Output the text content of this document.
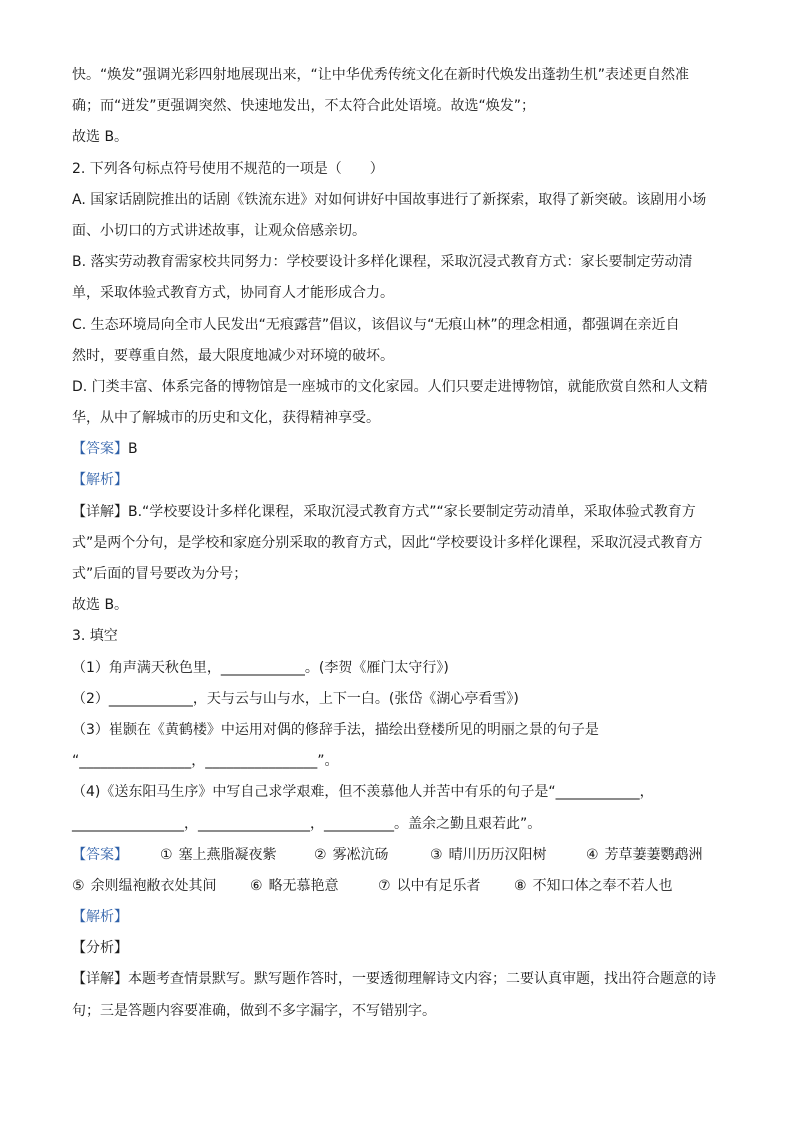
快。“焕发”强调光彩四射地展现出来，“让中华优秀传统文化在新时代焕发出蓬勃生机”表述更自然准
确；而“迸发”更强调突然、快速地发出，不太符合此处语境。故选“焕发”；
故选 B。
2. 下列各句标点符号使用不规范的一项是（　　）
A. 国家话剧院推出的话剧《铁流东进》对如何讲好中国故事进行了新探索，取得了新突破。该剧用小场
面、小切口的方式讲述故事，让观众倍感亲切。
B. 落实劳动教育需家校共同努力：学校要设计多样化课程，采取沉浸式教育方式：家长要制定劳动清
单，采取体验式教育方式，协同育人才能形成合力。
C. 生态环境局向全市人民发出“无痕露营”倡议，该倡议与“无痕山林”的理念相通，都强调在亲近自
然时，要尊重自然，最大限度地减少对环境的破坏。
D. 门类丰富、体系完备的博物馆是一座城市的文化家园。人们只要走进博物馆，就能欣赏自然和人文精
华，从中了解城市的历史和文化，获得精神享受。
【答案】B
【解析】
【详解】B.“学校要设计多样化课程，采取沉浸式教育方式”“家长要制定劳动清单，采取体验式教育方
式”是两个分句，是学校和家庭分别采取的教育方式，因此“学校要设计多样化课程，采取沉浸式教育方
式”后面的冒号要改为分号；
故选 B。
3. 填空
（1）角声满天秋色里，____________。(李贺《雁门太守行》)
（2）____________，天与云与山与水，上下一白。(张岱《湖心亭看雪》)
（3）崔颢在《黄鹤楼》中运用对偶的修辞手法，描绘出登楼所见的明丽之景的句子是
“________________，________________”。
（4)《送东阳马生序》中写自己求学艰难，但不羡慕他人并苦中有乐的句子是“____________，
________________，________________，__________。盖余之勤且艰若此”。
【答案】 ① 塞上燕脂凝夜紫	② 雾凇沆砀	③ 晴川历历汉阳树	④ 芳草萋萋鹦鹉洲
⑤ 余则缊袍敝衣处其间 ⑥ 略无慕艳意	⑦ 以中有足乐者 ⑧ 不知口体之奉不若人也
【解析】
【分析】
【详解】本题考查情景默写。默写题作答时，一要透彻理解诗文内容；二要认真审题，找出符合题意的诗
句；三是答题内容要准确，做到不多字漏字，不写错别字。
